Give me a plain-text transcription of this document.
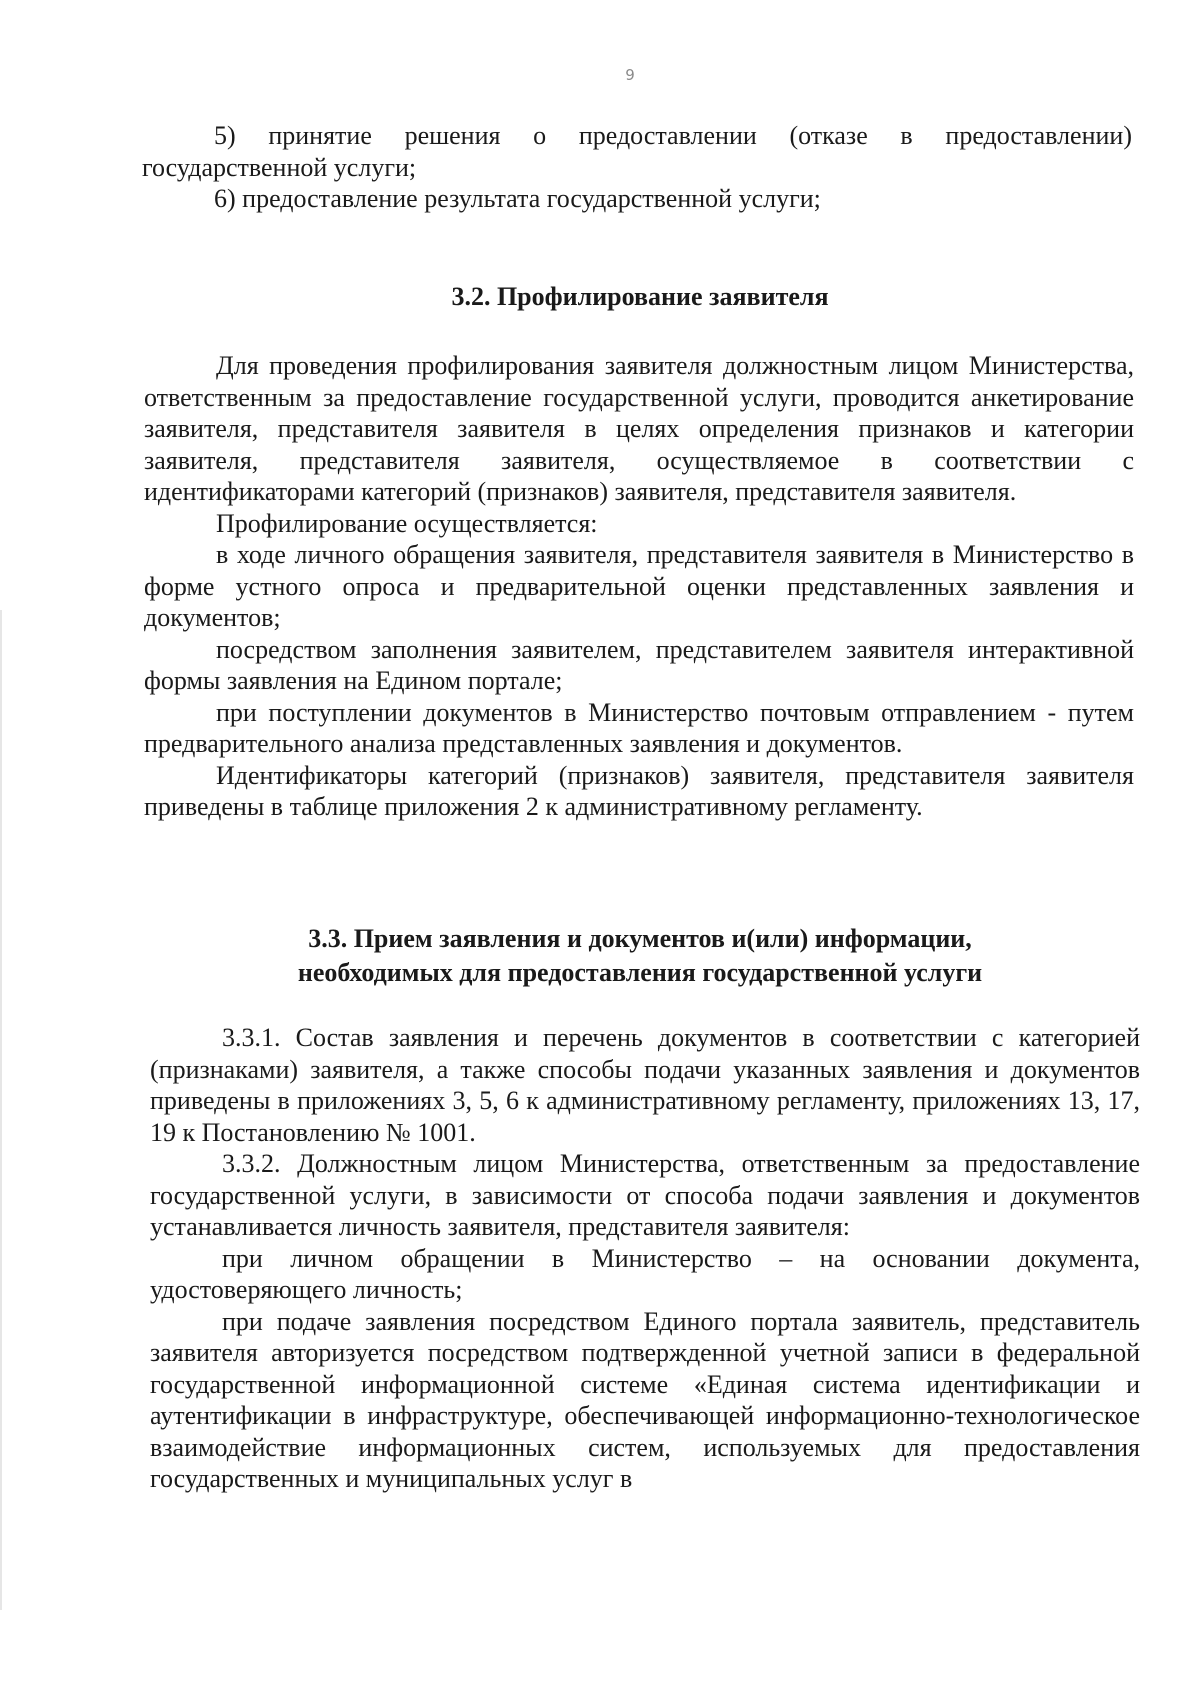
9

5) принятие решения о предоставлении (отказе в предоставлении) государственной услуги;

6) предоставление результата государственной услуги;

3.2. Профилирование заявителя

Для проведения профилирования заявителя должностным лицом Министерства, ответственным за предоставление государственной услуги, проводится анкетирование заявителя, представителя заявителя в целях определения признаков и категории заявителя, представителя заявителя, осуществляемое в соответствии с идентификаторами категорий (признаков) заявителя, представителя заявителя.

Профилирование осуществляется:

в ходе личного обращения заявителя, представителя заявителя в Министерство в форме устного опроса и предварительной оценки представленных заявления и документов;

посредством заполнения заявителем, представителем заявителя интерактивной формы заявления на Едином портале;

при поступлении документов в Министерство почтовым отправлением - путем предварительного анализа представленных заявления и документов.

Идентификаторы категорий (признаков) заявителя, представителя заявителя приведены в таблице приложения 2 к административному регламенту.

3.3. Прием заявления и документов и(или) информации,
необходимых для предоставления государственной услуги

3.3.1. Состав заявления и перечень документов в соответствии с категорией (признаками) заявителя, а также способы подачи указанных заявления и документов приведены в приложениях 3, 5, 6 к административному регламенту, приложениях 13, 17, 19 к Постановлению № 1001.

3.3.2. Должностным лицом Министерства, ответственным за предоставление государственной услуги, в зависимости от способа подачи заявления и документов устанавливается личность заявителя, представителя заявителя:

при личном обращении в Министерство – на основании документа, удостоверяющего личность;

при подаче заявления посредством Единого портала заявитель, представитель заявителя авторизуется посредством подтвержденной учетной записи в федеральной государственной информационной системе «Единая система идентификации и аутентификации в инфраструктуре, обеспечивающей информационно-технологическое взаимодействие информационных систем, используемых для предоставления государственных и муниципальных услуг в
